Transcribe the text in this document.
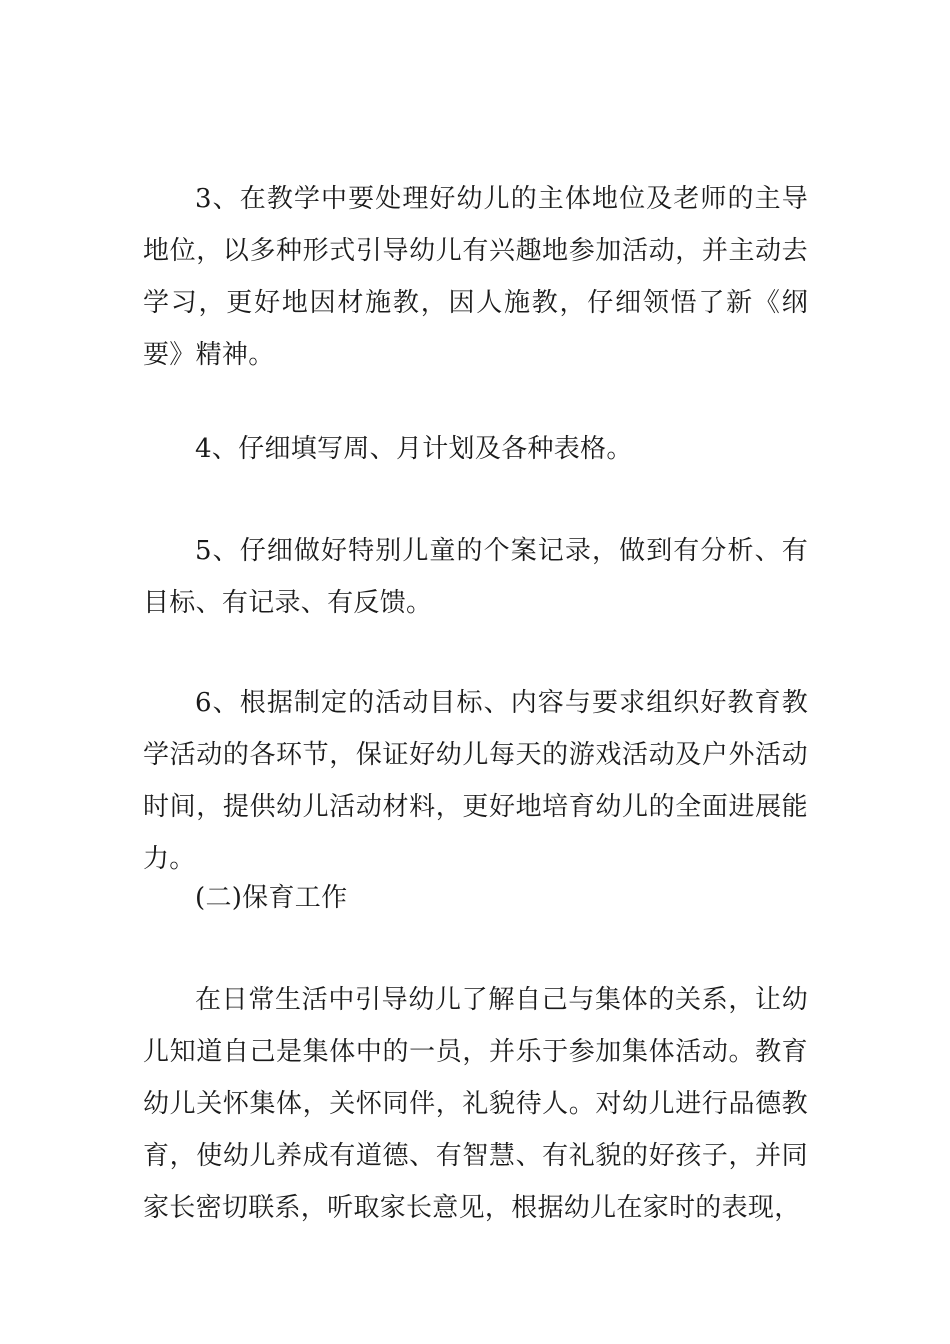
3、在教学中要处理好幼儿的主体地位及老师的主导地位，以多种形式引导幼儿有兴趣地参加活动，并主动去学习，更好地因材施教，因人施教，仔细领悟了新《纲要》精神。

4、仔细填写周、月计划及各种表格。

5、仔细做好特别儿童的个案记录，做到有分析、有目标、有记录、有反馈。

6、根据制定的活动目标、内容与要求组织好教育教学活动的各环节，保证好幼儿每天的游戏活动及户外活动时间，提供幼儿活动材料，更好地培育幼儿的全面进展能力。

(二)保育工作

在日常生活中引导幼儿了解自己与集体的关系，让幼儿知道自己是集体中的一员，并乐于参加集体活动。教育幼儿关怀集体，关怀同伴，礼貌待人。对幼儿进行品德教育，使幼儿养成有道德、有智慧、有礼貌的好孩子，并同家长密切联系，听取家长意见，根据幼儿在家时的表现，
